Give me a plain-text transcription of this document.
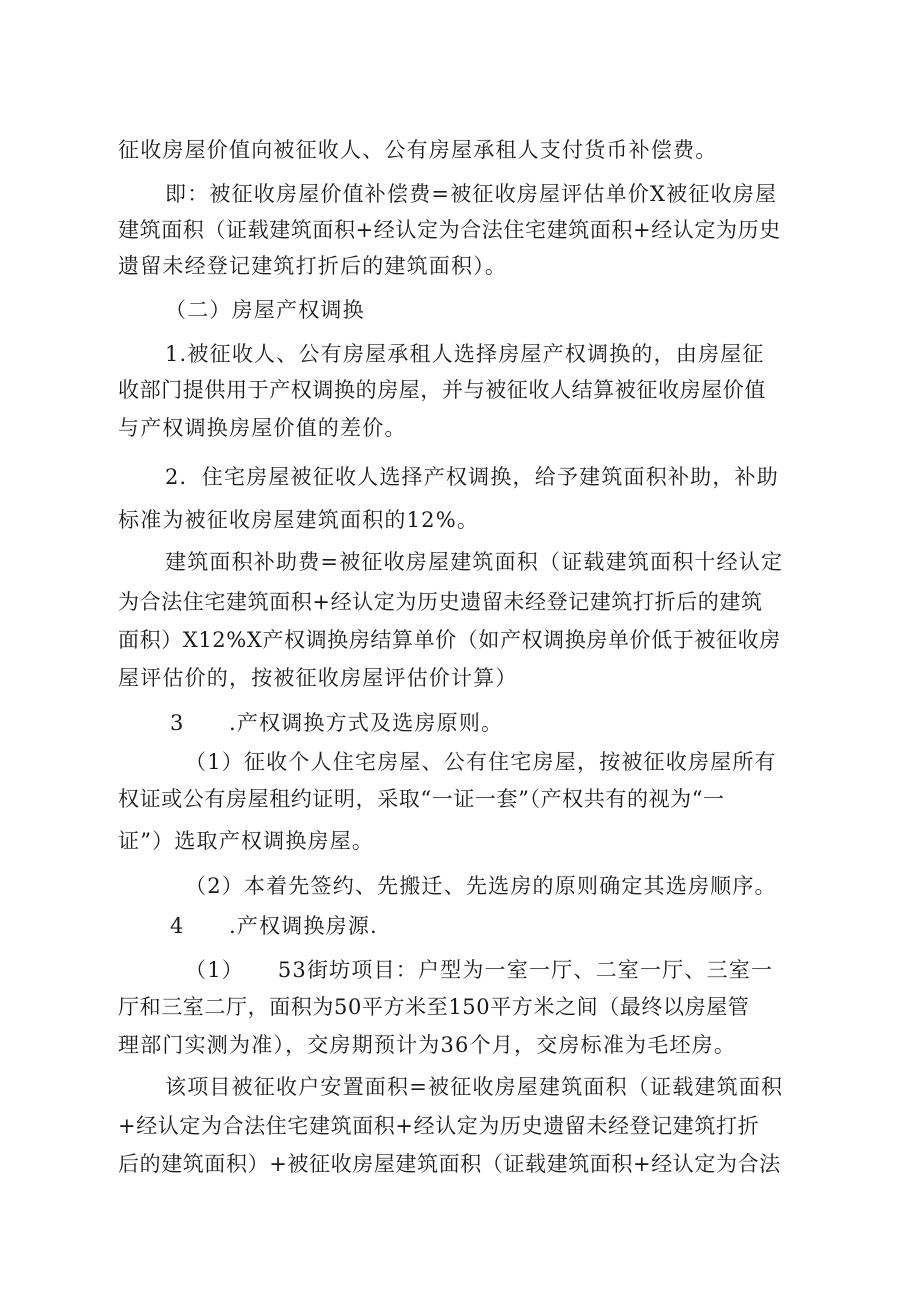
征收房屋价值向被征收人、公有房屋承租人支付货币补偿费。
即：被征收房屋价值补偿费=被征收房屋评估单价X被征收房屋
建筑面积（证载建筑面积+经认定为合法住宅建筑面积+经认定为历史
遗留未经登记建筑打折后的建筑面积）。
（二）房屋产权调换
1.被征收人、公有房屋承租人选择房屋产权调换的，由房屋征
收部门提供用于产权调换的房屋，并与被征收人结算被征收房屋价值
与产权调换房屋价值的差价。
2．住宅房屋被征收人选择产权调换，给予建筑面积补助，补助
标准为被征收房屋建筑面积的12%。
建筑面积补助费=被征收房屋建筑面积（证载建筑面积十经认定
为合法住宅建筑面积+经认定为历史遗留未经登记建筑打折后的建筑
面积）X12%X产权调换房结算单价（如产权调换房单价低于被征收房
屋评估价的，按被征收房屋评估价计算）
3　　.产权调换方式及选房原则。
（1）征收个人住宅房屋、公有住宅房屋，按被征收房屋所有
权证或公有房屋租约证明，采取“一证一套”（产权共有的视为“一
证”）选取产权调换房屋。
（2）本着先签约、先搬迁、先选房的原则确定其选房顺序。
4　　.产权调换房源.
（1）　　53街坊项目：户型为一室一厅、二室一厅、三室一
厅和三室二厅，面积为50平方米至150平方米之间（最终以房屋管
理部门实测为准），交房期预计为36个月，交房标准为毛坯房。
该项目被征收户安置面积=被征收房屋建筑面积（证载建筑面积
+经认定为合法住宅建筑面积+经认定为历史遗留未经登记建筑打折
后的建筑面积）+被征收房屋建筑面积（证载建筑面积+经认定为合法
